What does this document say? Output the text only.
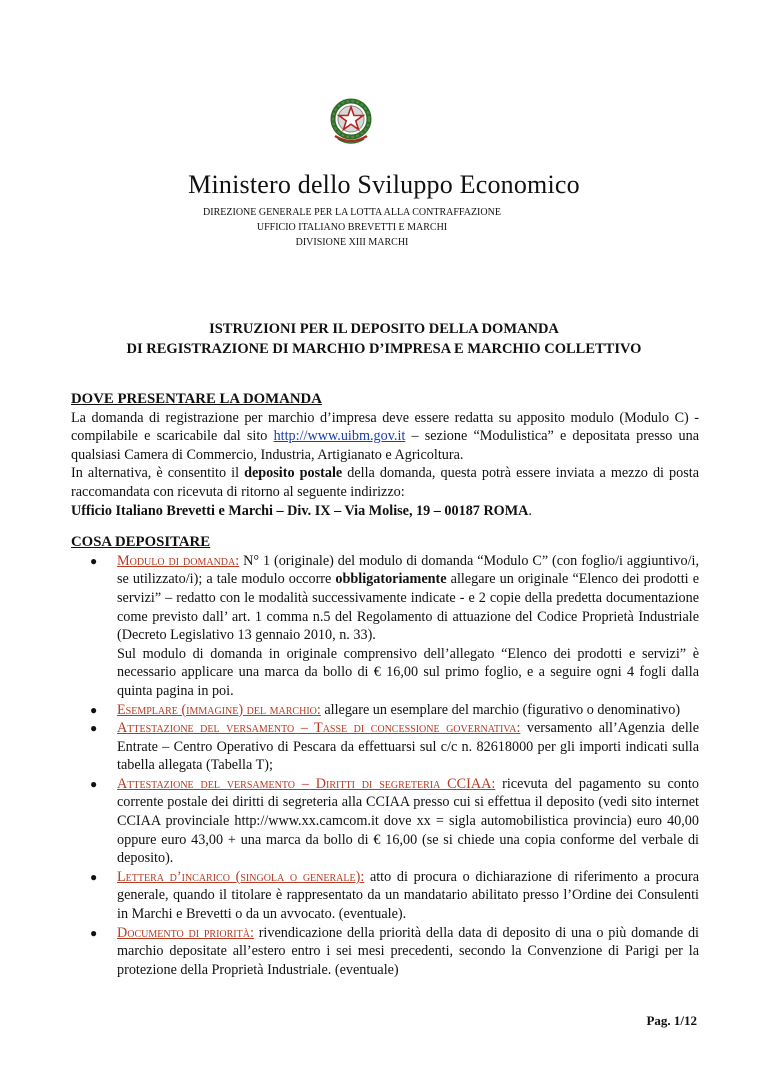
Ministero dello Sviluppo Economico
DIREZIONE GENERALE PER LA LOTTA ALLA CONTRAFFAZIONE
UFFICIO ITALIANO BREVETTI E MARCHI
DIVISIONE XIII MARCHI
ISTRUZIONI PER IL DEPOSITO DELLA DOMANDA
DI REGISTRAZIONE DI MARCHIO D’IMPRESA E MARCHIO COLLETTIVO
DOVE PRESENTARE LA DOMANDA

La domanda di registrazione per marchio d’impresa deve essere redatta su apposito modulo (Modulo C) - compilabile e scaricabile dal sito http://www.uibm.gov.it – sezione “Modulistica” e depositata presso una qualsiasi Camera di Commercio, Industria, Artigianato e Agricoltura.

In alternativa, è consentito il deposito postale della domanda, questa potrà essere inviata a mezzo di posta raccomandata con ricevuta di ritorno al seguente indirizzo:

Ufficio Italiano Brevetti e Marchi – Div. IX – Via Molise, 19 – 00187 ROMA.

COSA DEPOSITARE
● Modulo di domanda: N° 1 (originale) del modulo di domanda “Modulo C” (con foglio/i aggiuntivo/i, se utilizzato/i); a tale modulo occorre obbligatoriamente allegare un originale “Elenco dei prodotti e servizi” – redatto con le modalità successivamente indicate - e 2 copie della predetta documentazione come previsto dall’ art. 1 comma n.5 del Regolamento di attuazione del Codice Proprietà Industriale (Decreto Legislativo 13 gennaio 2010, n. 33).
Sul modulo di domanda in originale comprensivo dell’allegato “Elenco dei prodotti e servizi” è necessario applicare una marca da bollo di € 16,00 sul primo foglio, e a seguire ogni 4 fogli dalla quinta pagina in poi.
● Esemplare (immagine) del marchio: allegare un esemplare del marchio (figurativo o denominativo)
● Attestazione del versamento – Tasse di concessione governativa: versamento all’Agenzia delle Entrate – Centro Operativo di Pescara da effettuarsi sul c/c n. 82618000 per gli importi indicati sulla tabella allegata (Tabella T);
● Attestazione del versamento – Diritti di segreteria CCIAA: ricevuta del pagamento su conto corrente postale dei diritti di segreteria alla CCIAA presso cui si effettua il deposito (vedi sito internet CCIAA provinciale http://www.xx.camcom.it dove xx = sigla automobilistica provincia) euro 40,00 oppure euro 43,00 + una marca da bollo di € 16,00 (se si chiede una copia conforme del verbale di deposito).
● Lettera d’incarico (singola o generale): atto di procura o dichiarazione di riferimento a procura generale, quando il titolare è rappresentato da un mandatario abilitato presso l’Ordine dei Consulenti in Marchi e Brevetti o da un avvocato. (eventuale).
● Documento di priorità: rivendicazione della priorità della data di deposito di una o più domande di marchio depositate all’estero entro i sei mesi precedenti, secondo la Convenzione di Parigi per la protezione della Proprietà Industriale. (eventuale)
Pag. 1/12
